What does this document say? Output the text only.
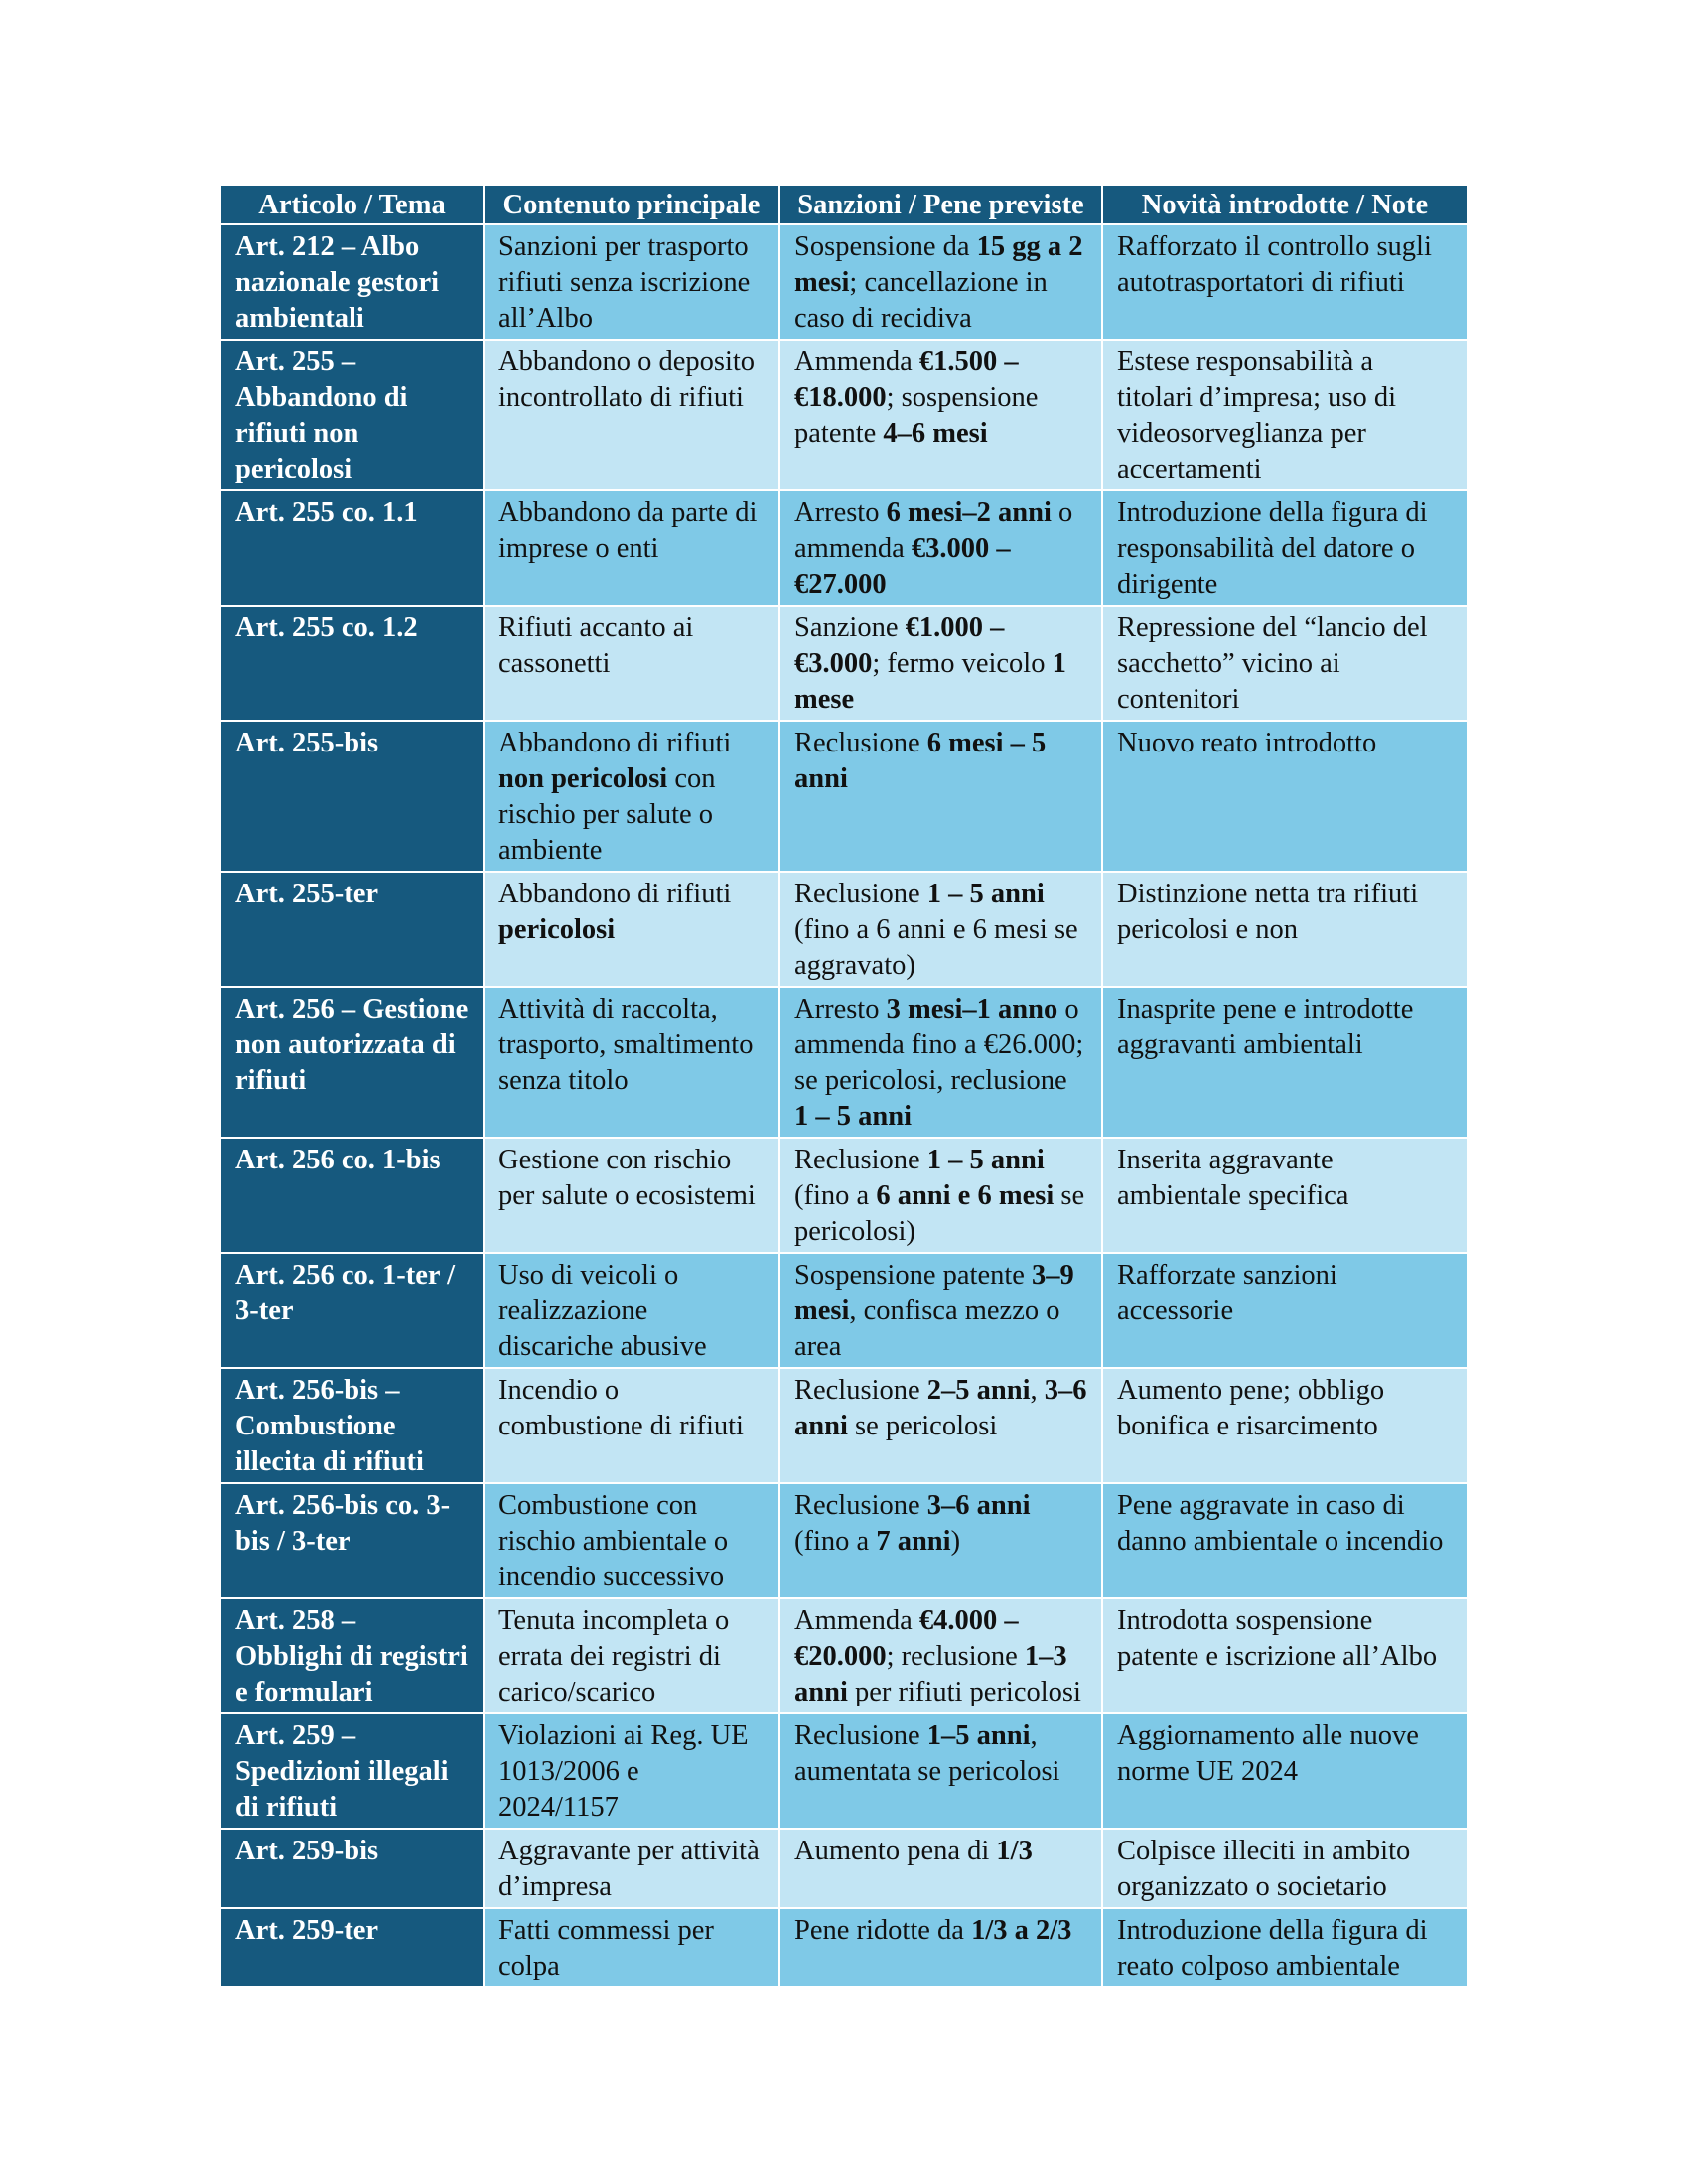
Articolo / Tema	Contenuto principale	Sanzioni / Pene previste	Novità introdotte / Note
Art. 212 – Albo nazionale gestori ambientali	Sanzioni per trasporto rifiuti senza iscrizione all’Albo	Sospensione da 15 gg a 2 mesi; cancellazione in caso di recidiva	Rafforzato il controllo sugli autotrasportatori di rifiuti
Art. 255 – Abbandono di rifiuti non pericolosi	Abbandono o deposito incontrollato di rifiuti	Ammenda €1.500 – €18.000; sospensione patente 4–6 mesi	Estese responsabilità a titolari d’impresa; uso di videosorveglianza per accertamenti
Art. 255 co. 1.1	Abbandono da parte di imprese o enti	Arresto 6 mesi–2 anni o ammenda €3.000 – €27.000	Introduzione della figura di responsabilità del datore o dirigente
Art. 255 co. 1.2	Rifiuti accanto ai cassonetti	Sanzione €1.000 – €3.000; fermo veicolo 1 mese	Repressione del “lancio del sacchetto” vicino ai contenitori
Art. 255-bis	Abbandono di rifiuti non pericolosi con rischio per salute o ambiente	Reclusione 6 mesi – 5 anni	Nuovo reato introdotto
Art. 255-ter	Abbandono di rifiuti pericolosi	Reclusione 1 – 5 anni (fino a 6 anni e 6 mesi se aggravato)	Distinzione netta tra rifiuti pericolosi e non
Art. 256 – Gestione non autorizzata di rifiuti	Attività di raccolta, trasporto, smaltimento senza titolo	Arresto 3 mesi–1 anno o ammenda fino a €26.000; se pericolosi, reclusione 1 – 5 anni	Inasprite pene e introdotte aggravanti ambientali
Art. 256 co. 1-bis	Gestione con rischio per salute o ecosistemi	Reclusione 1 – 5 anni (fino a 6 anni e 6 mesi se pericolosi)	Inserita aggravante ambientale specifica
Art. 256 co. 1-ter / 3-ter	Uso di veicoli o realizzazione discariche abusive	Sospensione patente 3–9 mesi, confisca mezzo o area	Rafforzate sanzioni accessorie
Art. 256-bis – Combustione illecita di rifiuti	Incendio o combustione di rifiuti	Reclusione 2–5 anni, 3–6 anni se pericolosi	Aumento pene; obbligo bonifica e risarcimento
Art. 256-bis co. 3-bis / 3-ter	Combustione con rischio ambientale o incendio successivo	Reclusione 3–6 anni (fino a 7 anni)	Pene aggravate in caso di danno ambientale o incendio
Art. 258 – Obblighi di registri e formulari	Tenuta incompleta o errata dei registri di carico/scarico	Ammenda €4.000 – €20.000; reclusione 1–3 anni per rifiuti pericolosi	Introdotta sospensione patente e iscrizione all’Albo
Art. 259 – Spedizioni illegali di rifiuti	Violazioni ai Reg. UE 1013/2006 e 2024/1157	Reclusione 1–5 anni, aumentata se pericolosi	Aggiornamento alle nuove norme UE 2024
Art. 259-bis	Aggravante per attività d’impresa	Aumento pena di 1/3	Colpisce illeciti in ambito organizzato o societario
Art. 259-ter	Fatti commessi per colpa	Pene ridotte da 1/3 a 2/3	Introduzione della figura di reato colposo ambientale
